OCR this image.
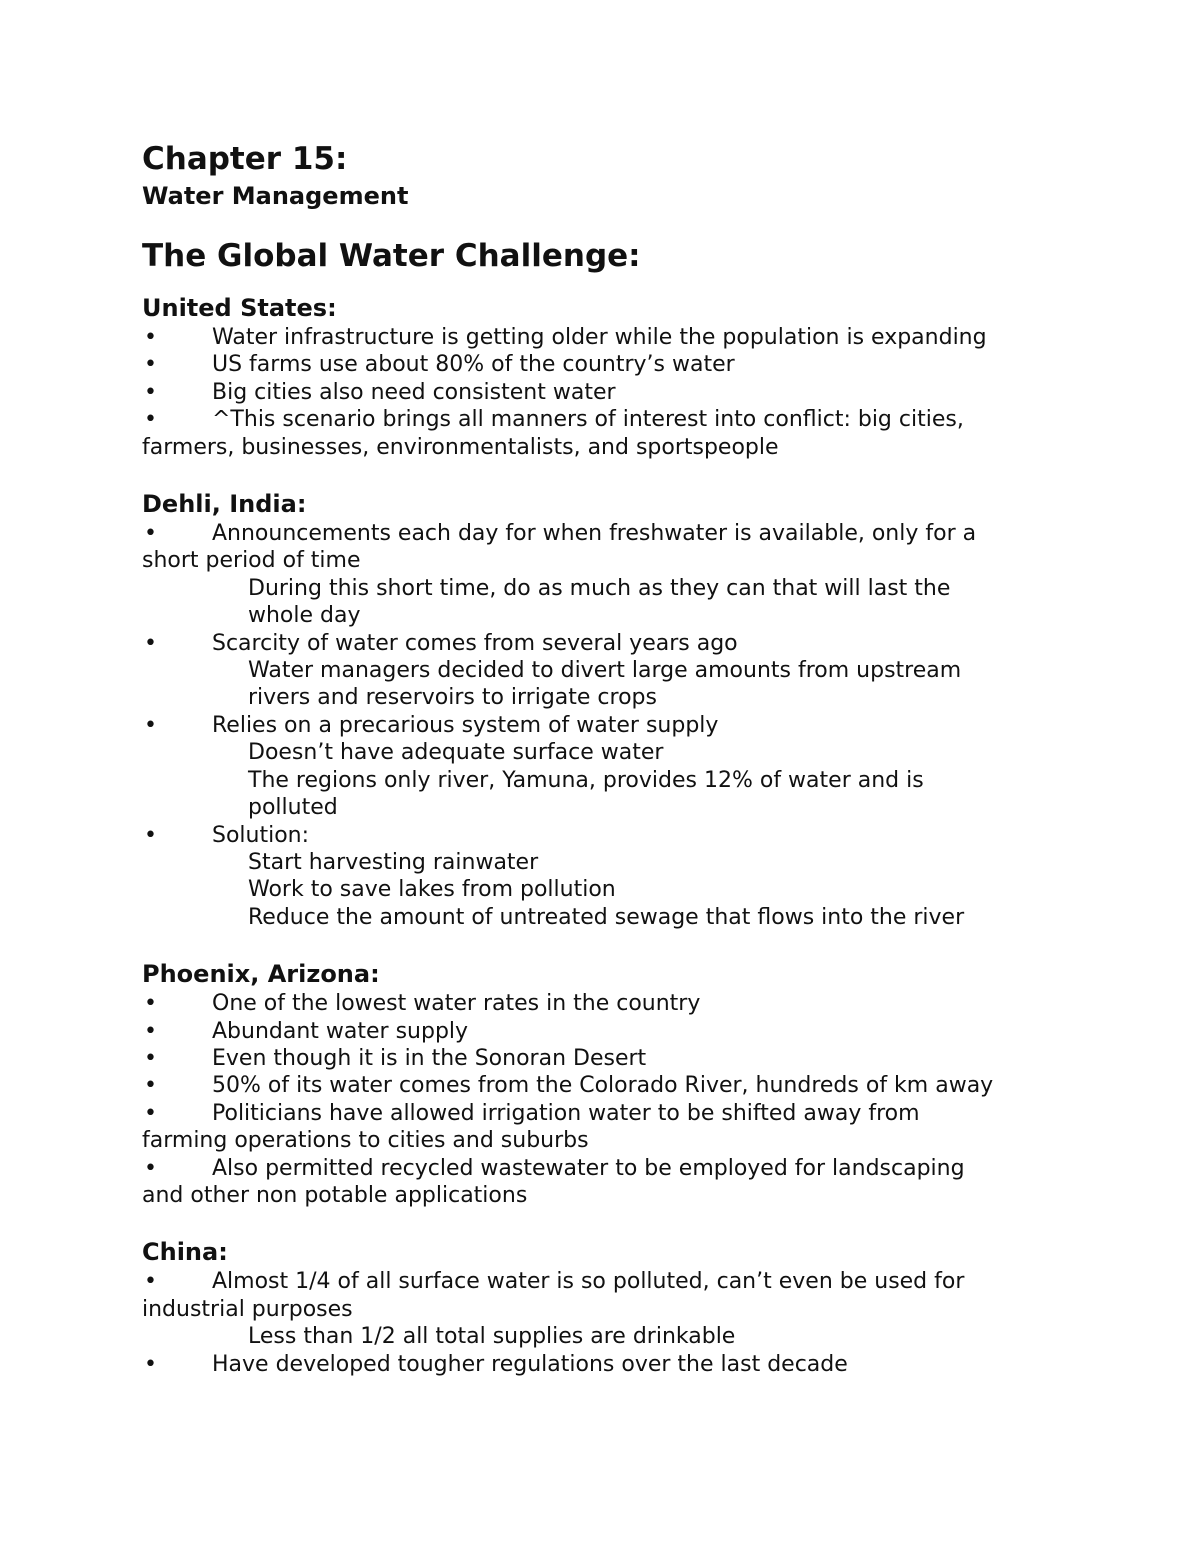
Chapter 15:
Water Management
The Global Water Challenge:
United States:
•	Water infrastructure is getting older while the population is expanding
•	US farms use about 80% of the country’s water
•	Big cities also need consistent water
•	^This scenario brings all manners of interest into conflict: big cities,
farmers, businesses, environmentalists, and sportspeople
Dehli, India:
•	Announcements each day for when freshwater is available, only for a
short period of time
During this short time, do as much as they can that will last the
whole day
•	Scarcity of water comes from several years ago
Water managers decided to divert large amounts from upstream
rivers and reservoirs to irrigate crops
•	Relies on a precarious system of water supply
Doesn’t have adequate surface water
The regions only river, Yamuna, provides 12% of water and is
polluted
•	Solution:
Start harvesting rainwater
Work to save lakes from pollution
Reduce the amount of untreated sewage that flows into the river
Phoenix, Arizona:
•	One of the lowest water rates in the country
•	Abundant water supply
•	Even though it is in the Sonoran Desert
•	50% of its water comes from the Colorado River, hundreds of km away
•	Politicians have allowed irrigation water to be shifted away from
farming operations to cities and suburbs
•	Also permitted recycled wastewater to be employed for landscaping
and other non potable applications
China:
•	Almost 1/4 of all surface water is so polluted, can’t even be used for
industrial purposes
Less than 1/2 all total supplies are drinkable
•	Have developed tougher regulations over the last decade
